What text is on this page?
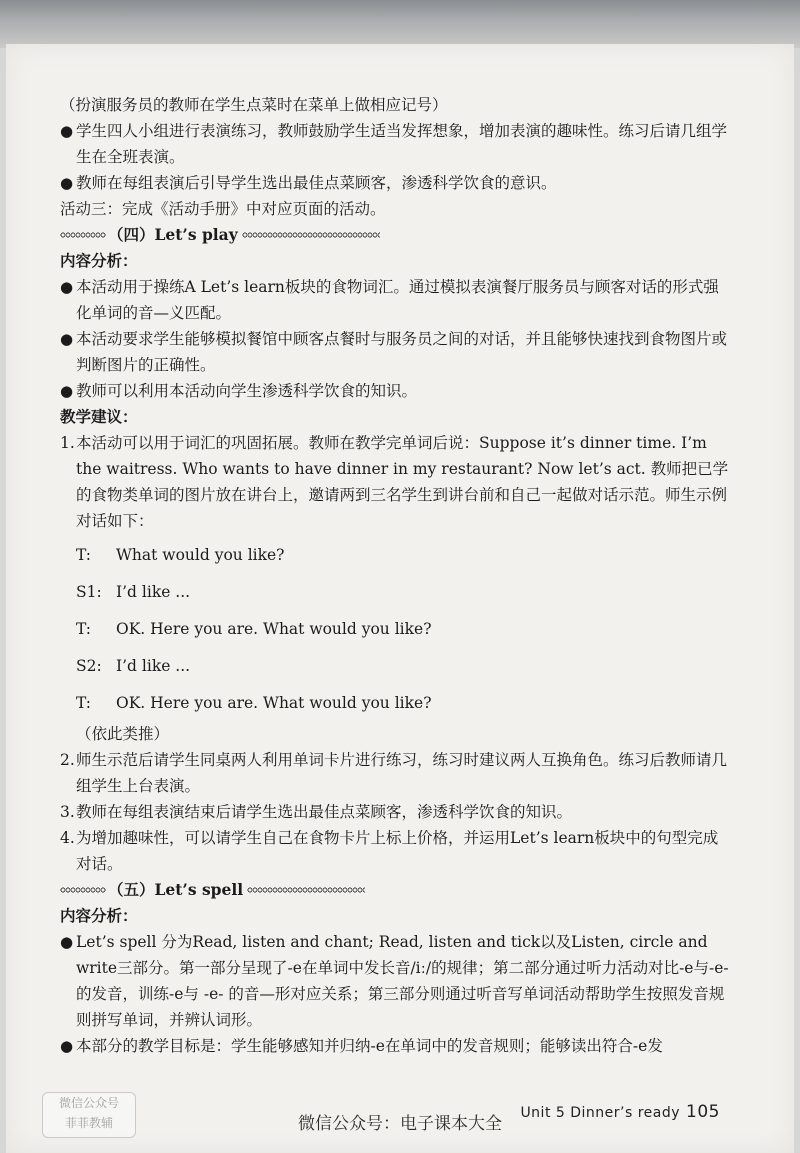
（扮演服务员的教师在学生点菜时在菜单上做相应记号）

● 学生四人小组进行表演练习，教师鼓励学生适当发挥想象，增加表演的趣味性。练习后请几组学生在全班表演。

● 教师在每组表演后引导学生选出最佳点菜顾客，渗透科学饮食的意识。

活动三：完成《活动手册》中对应页面的活动。

（四）Let’s play

内容分析：

● 本活动用于操练A Let’s learn板块的食物词汇。通过模拟表演餐厅服务员与顾客对话的形式强化单词的音—义匹配。

● 本活动要求学生能够模拟餐馆中顾客点餐时与服务员之间的对话，并且能够快速找到食物图片或判断图片的正确性。

● 教师可以利用本活动向学生渗透科学饮食的知识。

教学建议：

1. 本活动可以用于词汇的巩固拓展。教师在教学完单词后说：Suppose it’s dinner time. I’m the waitress. Who wants to have dinner in my restaurant? Now let’s act. 教师把已学的食物类单词的图片放在讲台上，邀请两到三名学生到讲台前和自己一起做对话示范。师生示例对话如下：

T:	What would you like?
S1: I’d like ...
T:	OK. Here you are. What would you like?
S2: I’d like ...
T:	OK. Here you are. What would you like?

（依此类推）

2. 师生示范后请学生同桌两人利用单词卡片进行练习，练习时建议两人互换角色。练习后教师请几组学生上台表演。

3. 教师在每组表演结束后请学生选出最佳点菜顾客，渗透科学饮食的知识。

4. 为增加趣味性，可以请学生自己在食物卡片上标上价格，并运用Let’s learn板块中的句型完成对话。

（五）Let’s spell

内容分析：

● Let’s spell 分为Read, listen and chant; Read, listen and tick以及Listen, circle and write三部分。第一部分呈现了-e在单词中发长音/iː/的规律；第二部分通过听力活动对比-e与-e-的发音，训练-e与 -e- 的音—形对应关系；第三部分则通过听音写单词活动帮助学生按照发音规则拼写单词，并辨认词形。

● 本部分的教学目标是：学生能够感知并归纳-e在单词中的发音规则；能够读出符合-e发

微信公众号
菲菲教辅
Unit 5 Dinner’s ready 105
微信公众号：电子课本大全
